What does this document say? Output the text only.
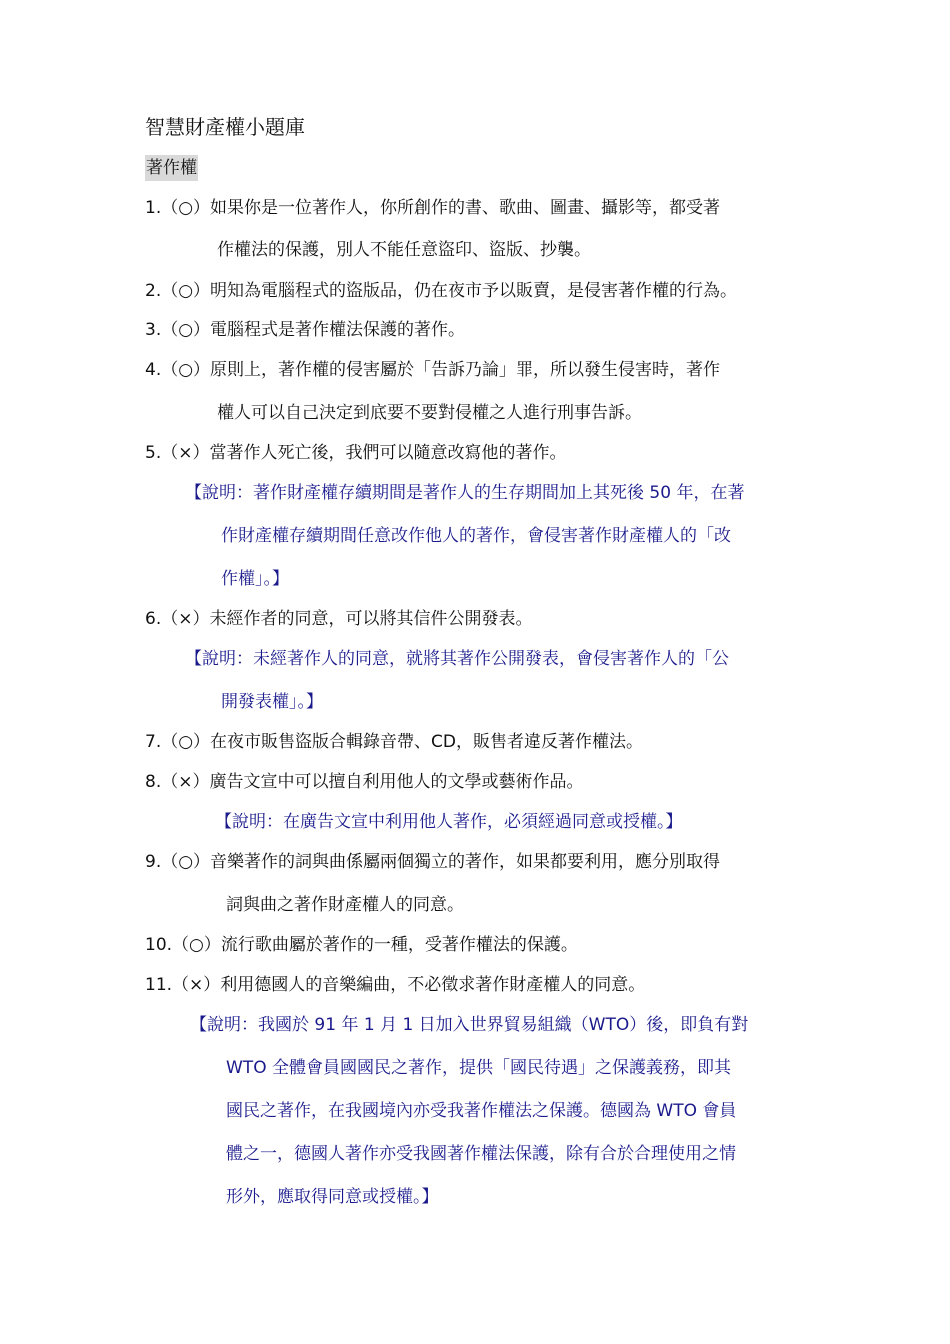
智慧財產權小題庫
著作權
1.（○）如果你是一位著作人，你所創作的書、歌曲、圖畫、攝影等，都受著
作權法的保護，別人不能任意盜印、盜版、抄襲。
2.（○）明知為電腦程式的盜版品，仍在夜市予以販賣，是侵害著作權的行為。
3.（○）電腦程式是著作權法保護的著作。
4.（○）原則上，著作權的侵害屬於「告訴乃論」罪，所以發生侵害時，著作
權人可以自己決定到底要不要對侵權之人進行刑事告訴。
5.（×）當著作人死亡後，我們可以隨意改寫他的著作。
【說明：著作財產權存續期間是著作人的生存期間加上其死後 50 年，在著
作財產權存續期間任意改作他人的著作，會侵害著作財產權人的「改
作權」。】
6.（×）未經作者的同意，可以將其信件公開發表。
【說明：未經著作人的同意，就將其著作公開發表，會侵害著作人的「公
開發表權」。】
7.（○）在夜市販售盜版合輯錄音帶、CD，販售者違反著作權法。
8.（×）廣告文宣中可以擅自利用他人的文學或藝術作品。
【說明：在廣告文宣中利用他人著作，必須經過同意或授權。】
9.（○）音樂著作的詞與曲係屬兩個獨立的著作，如果都要利用，應分別取得
詞與曲之著作財產權人的同意。
10.（○）流行歌曲屬於著作的一種，受著作權法的保護。
11.（×）利用德國人的音樂編曲，不必徵求著作財產權人的同意。
【說明：我國於 91 年 1 月 1 日加入世界貿易組織（WTO）後，即負有對
WTO 全體會員國國民之著作，提供「國民待遇」之保護義務，即其
國民之著作，在我國境內亦受我著作權法之保護。德國為 WTO 會員
體之一，德國人著作亦受我國著作權法保護，除有合於合理使用之情
形外，應取得同意或授權。】
